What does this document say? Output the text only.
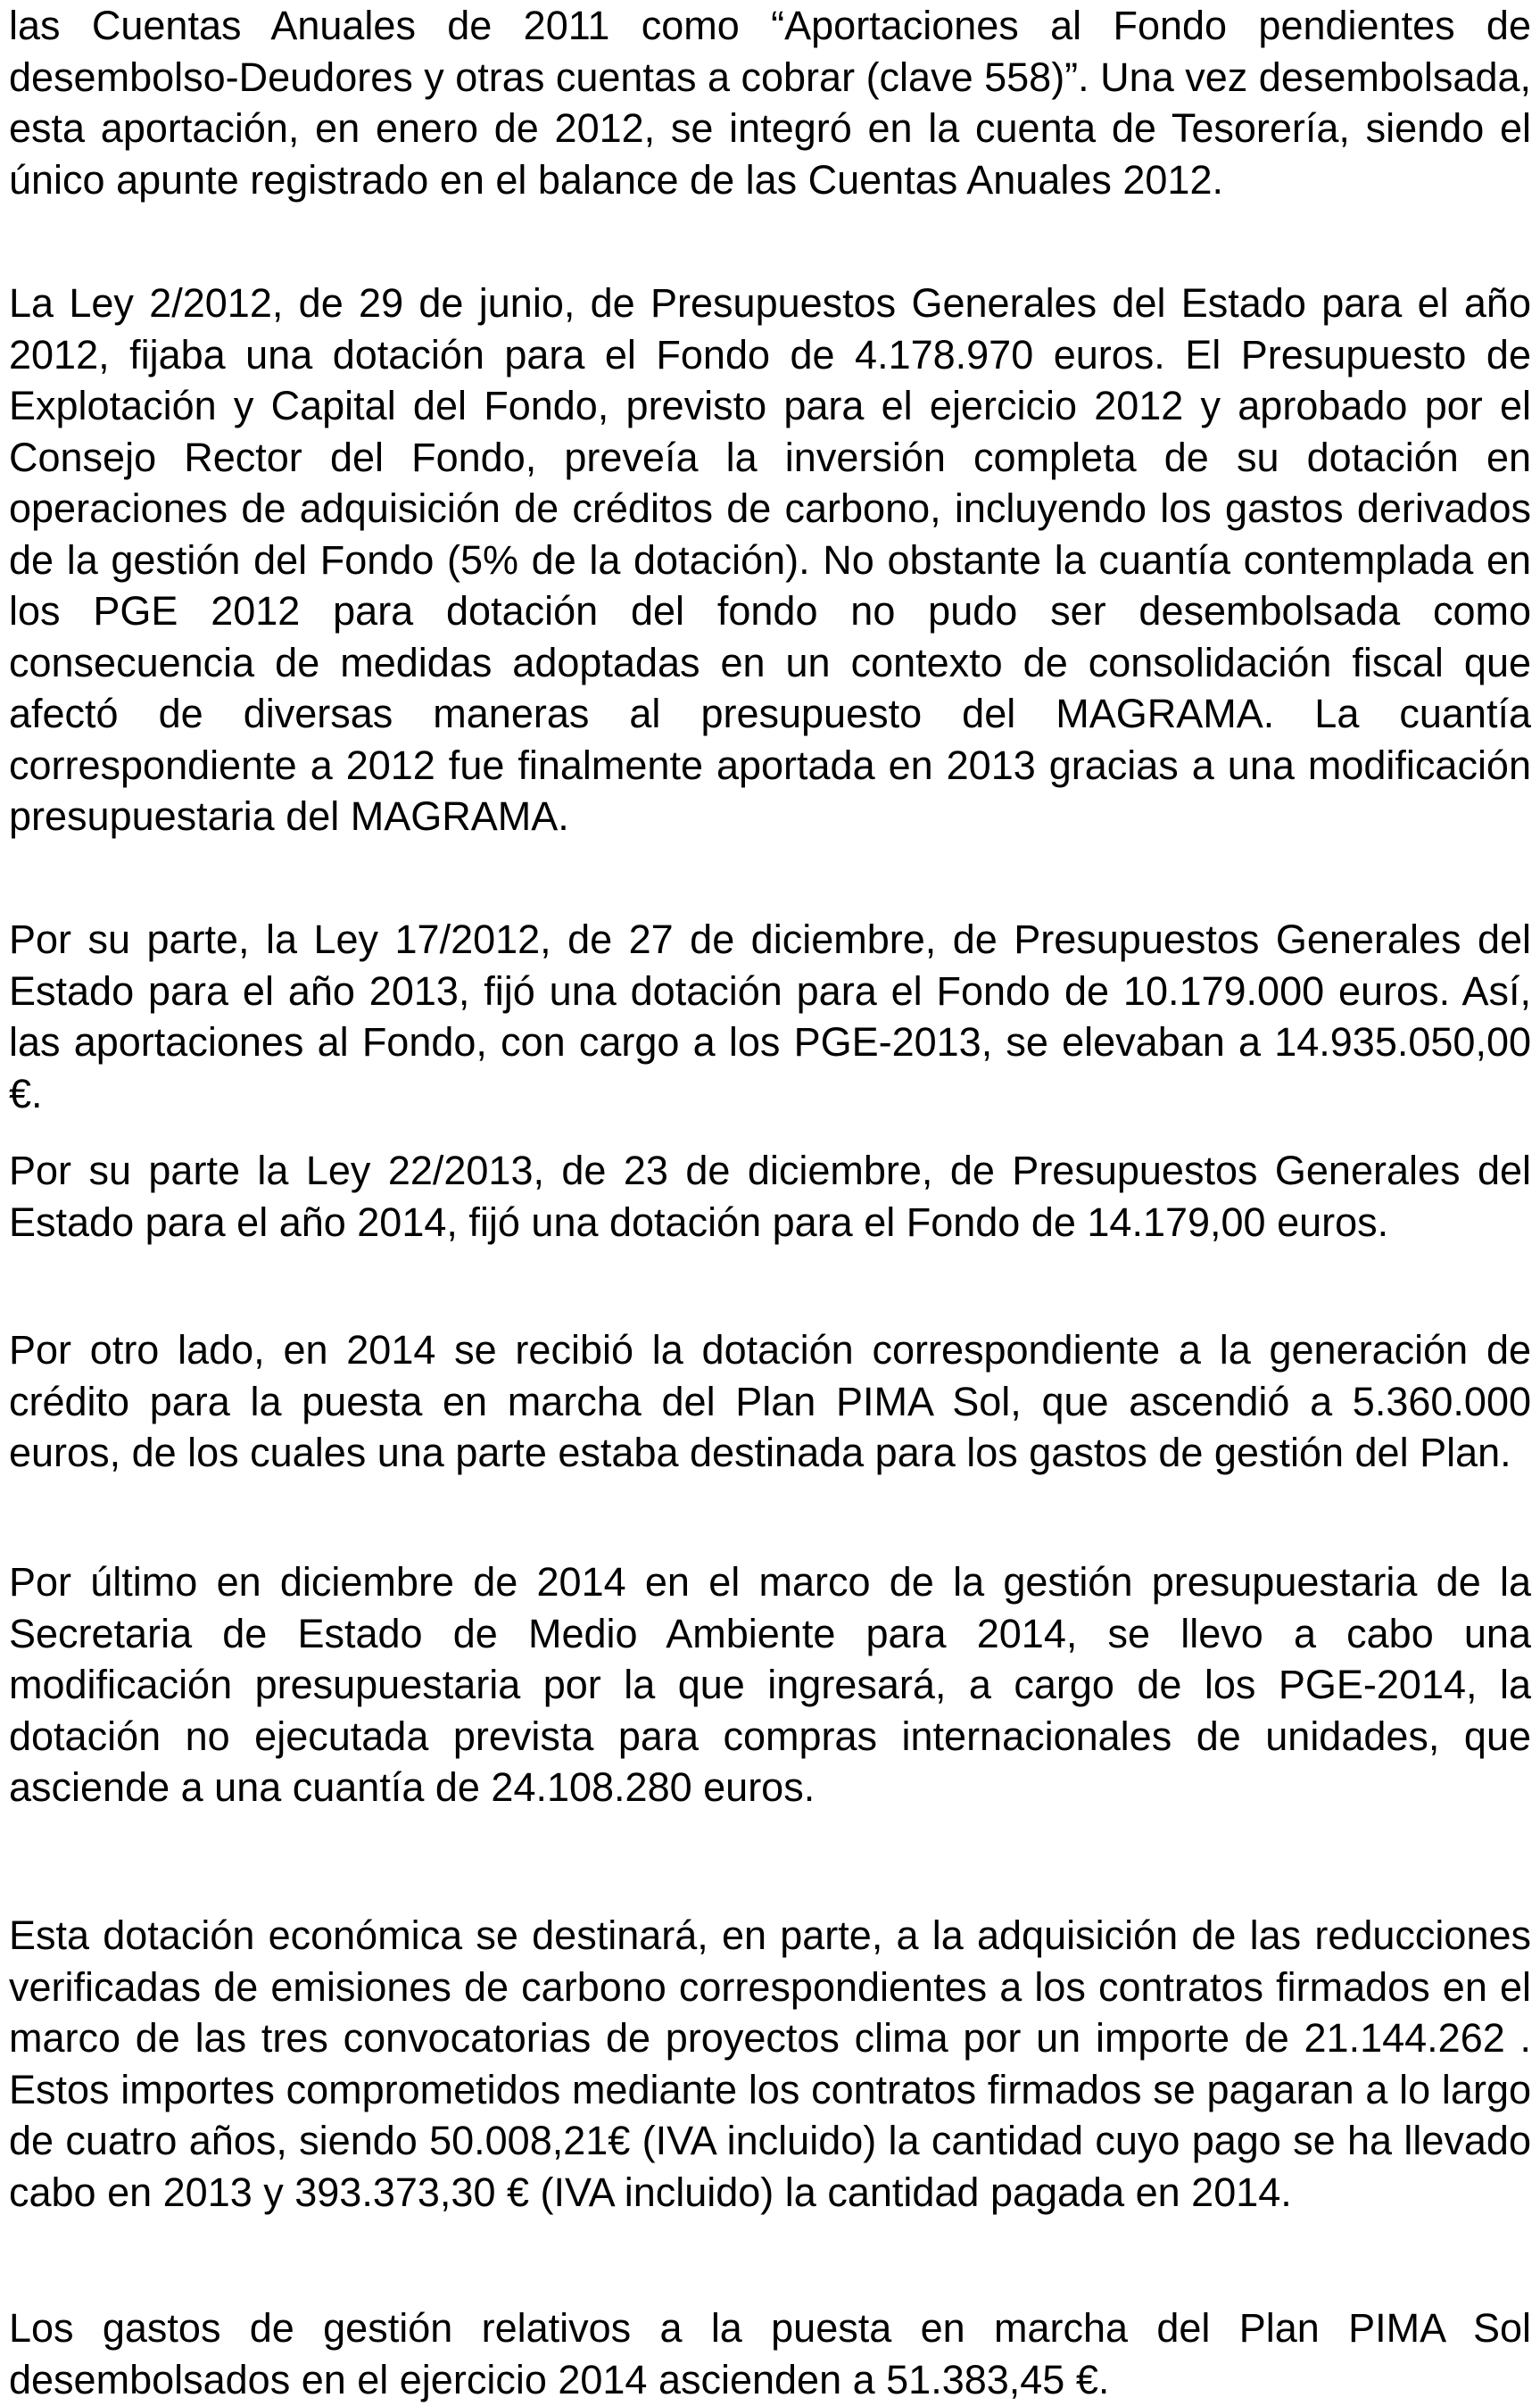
las Cuentas Anuales de 2011 como “Aportaciones al Fondo pendientes de desembolso-Deudores y otras cuentas a cobrar (clave 558)”. Una vez desembolsada, esta aportación, en enero de 2012, se integró en la cuenta de Tesorería, siendo el único apunte registrado en el balance de las Cuentas Anuales 2012.

La Ley 2/2012, de 29 de junio, de Presupuestos Generales del Estado para el año 2012, fijaba una dotación para el Fondo de 4.178.970 euros. El Presupuesto de Explotación y Capital del Fondo, previsto para el ejercicio 2012 y aprobado por el Consejo Rector del Fondo, preveía la inversión completa de su dotación en operaciones de adquisición de créditos de carbono, incluyendo los gastos derivados de la gestión del Fondo (5% de la dotación). No obstante la cuantía contemplada en los PGE 2012 para dotación del fondo no pudo ser desembolsada como consecuencia de medidas adoptadas en un contexto de consolidación fiscal que afectó de diversas maneras al presupuesto del MAGRAMA. La cuantía correspondiente a 2012 fue finalmente aportada en 2013 gracias a una modificación presupuestaria del MAGRAMA.

Por su parte, la Ley 17/2012, de 27 de diciembre, de Presupuestos Generales del Estado para el año 2013, fijó una dotación para el Fondo de 10.179.000 euros. Así, las aportaciones al Fondo, con cargo a los PGE-2013, se elevaban a 14.935.050,00 €.

Por su parte la Ley 22/2013, de 23 de diciembre, de Presupuestos Generales del Estado para el año 2014, fijó una dotación para el Fondo de 14.179,00 euros.

Por otro lado, en 2014 se recibió la dotación correspondiente a la generación de crédito para la puesta en marcha del Plan PIMA Sol, que ascendió a 5.360.000 euros, de los cuales una parte estaba destinada para los gastos de gestión del Plan.

Por último en diciembre de 2014 en el marco de la gestión presupuestaria de la Secretaria de Estado de Medio Ambiente para 2014, se llevo a cabo una modificación presupuestaria por la que ingresará, a cargo de los PGE-2014, la dotación no ejecutada prevista para compras internacionales de unidades, que asciende a una cuantía de 24.108.280 euros.

Esta dotación económica se destinará, en parte, a la adquisición de las reducciones verificadas de emisiones de carbono correspondientes a los contratos firmados en el marco de las tres convocatorias de proyectos clima por un importe de 21.144.262 . Estos importes comprometidos mediante los contratos firmados se pagaran a lo largo de cuatro años, siendo 50.008,21€ (IVA incluido) la cantidad cuyo pago se ha llevado cabo en 2013 y 393.373,30 € (IVA incluido) la cantidad pagada en 2014.

Los gastos de gestión relativos a la puesta en marcha del Plan PIMA Sol desembolsados en el ejercicio 2014 ascienden a 51.383,45 €.
